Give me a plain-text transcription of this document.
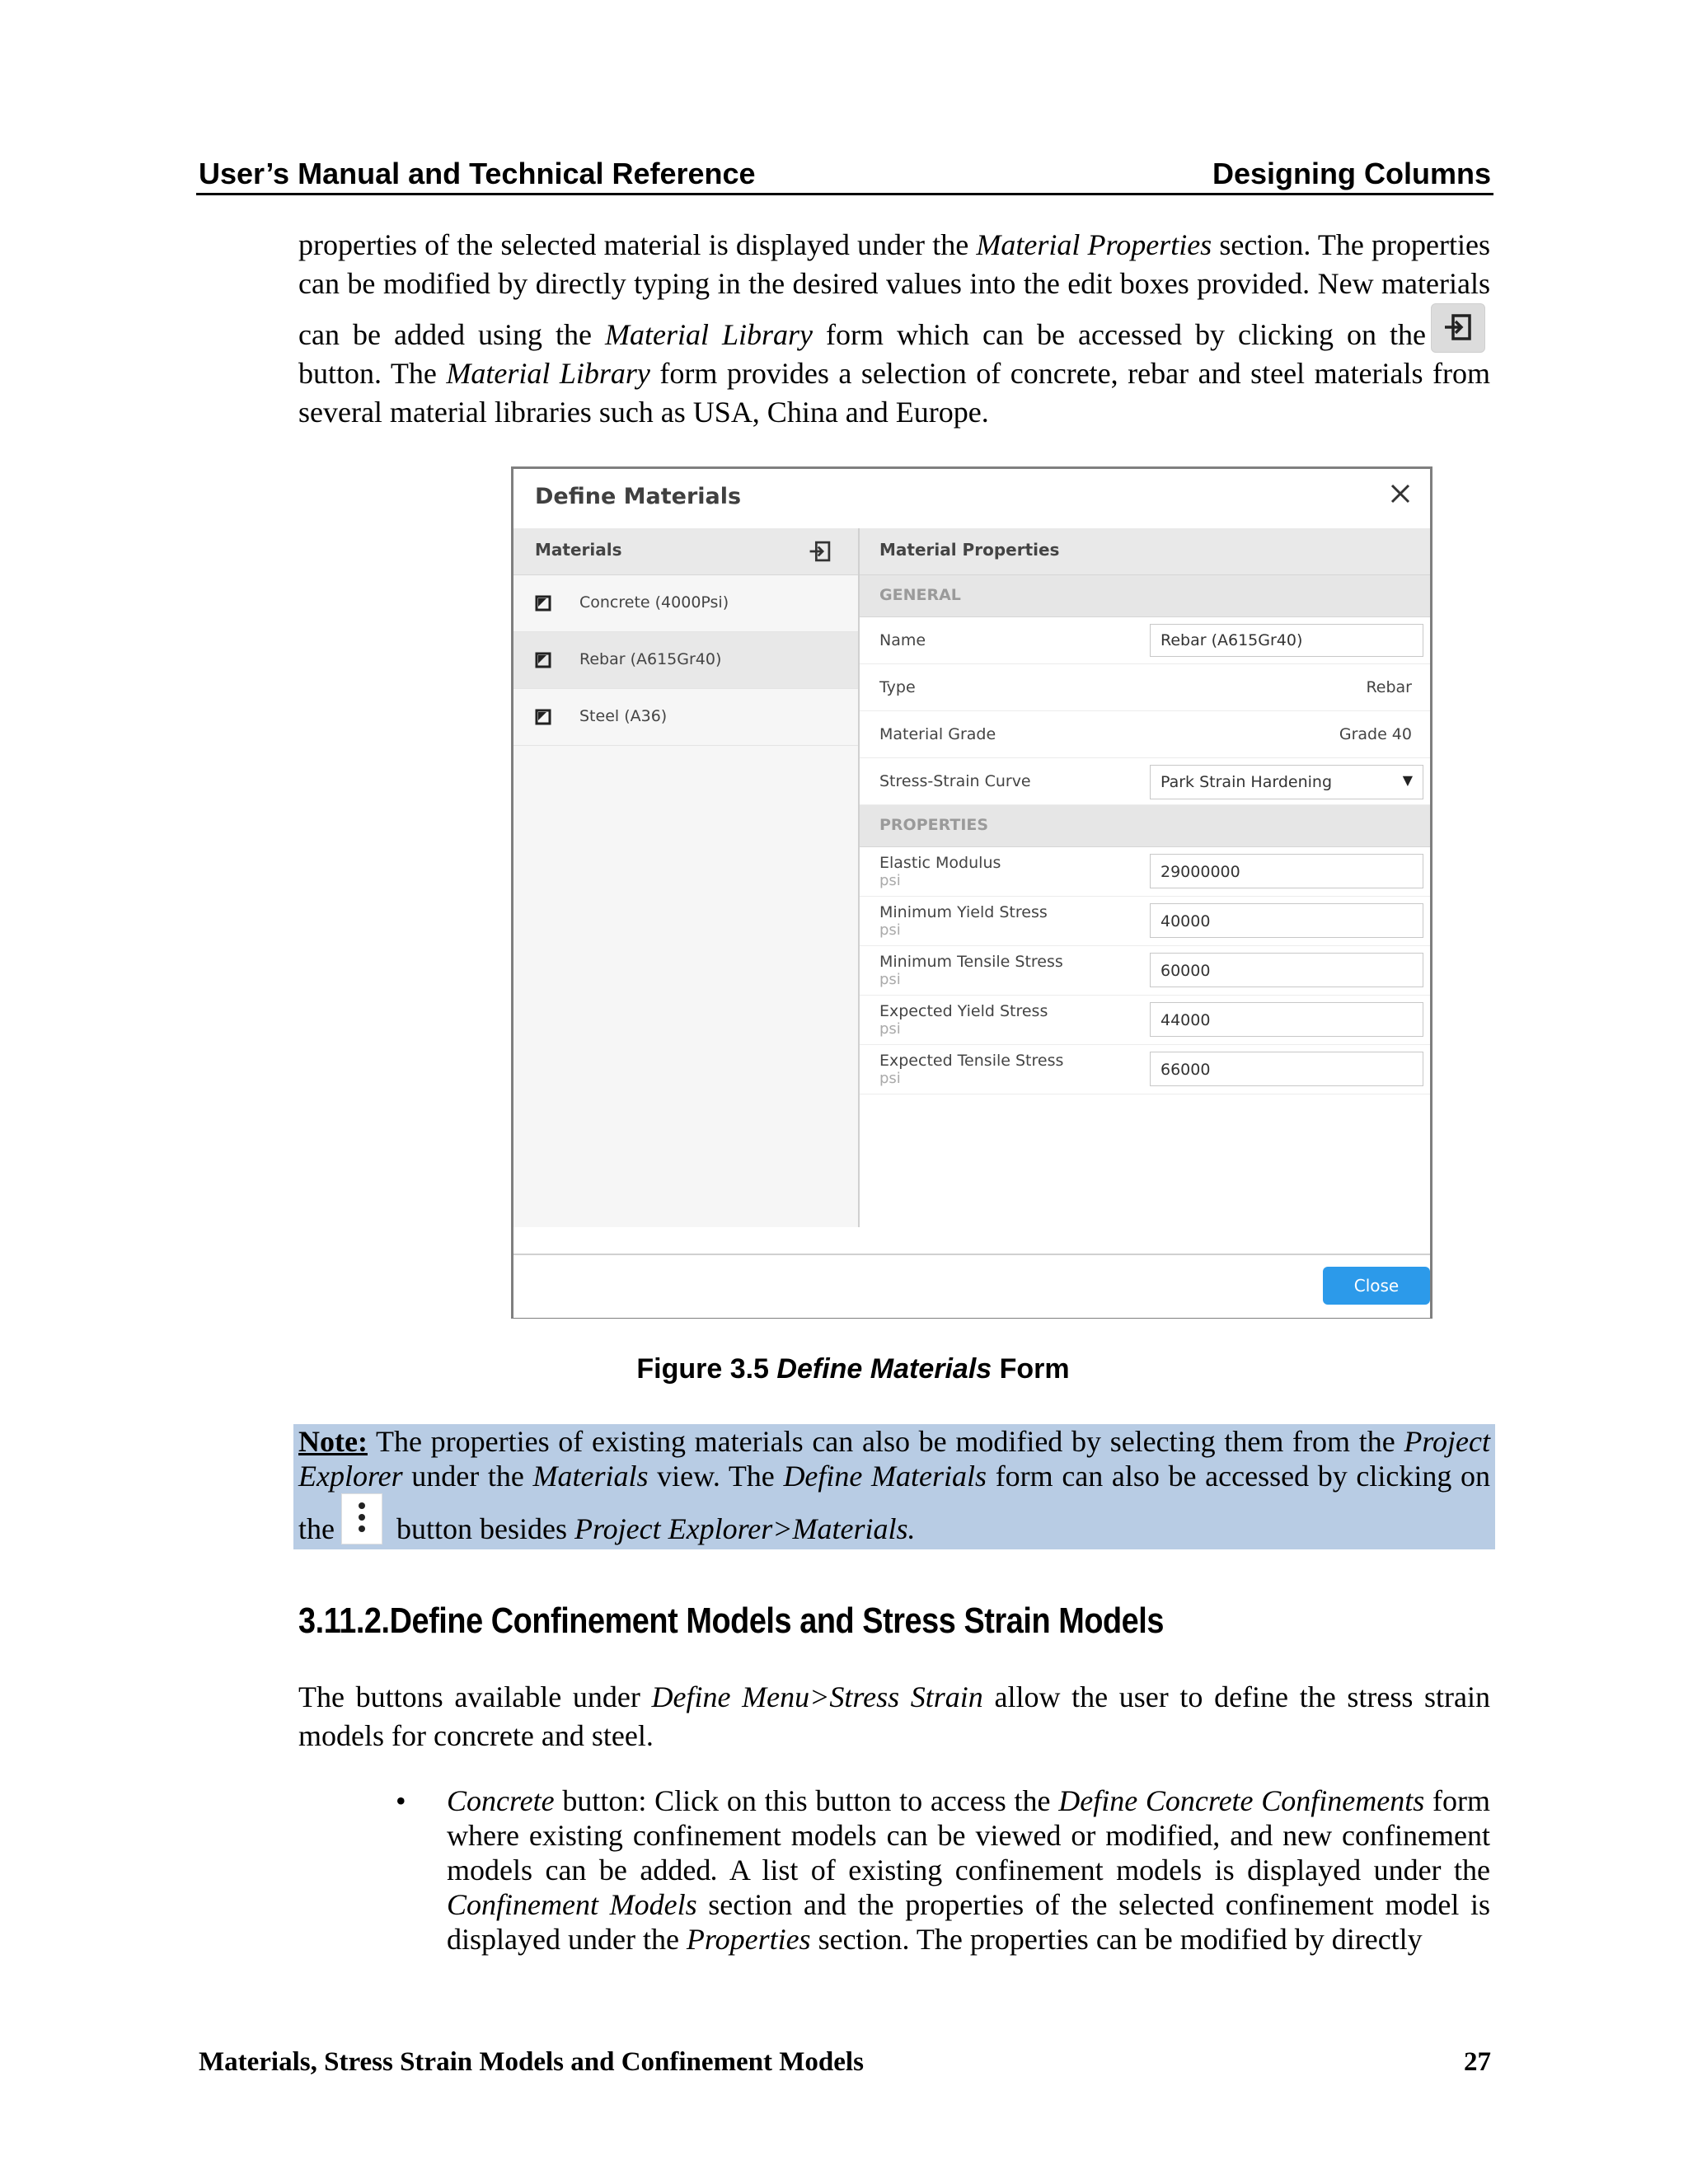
User’s Manual and Technical Reference	Designing Columns

properties of the selected material is displayed under the Material Properties section. The properties can be modified by directly typing in the desired values into the edit boxes provided. New materials can be added using the Material Library form which can be accessed by clicking on the
button. The Material Library form provides a selection of concrete, rebar and steel materials from several material libraries such as USA, China and Europe.

Define Materials
Materials
Concrete (4000Psi)
Rebar (A615Gr40)
Steel (A36)
Material Properties
GENERAL
Name	Rebar (A615Gr40)
Type	Rebar
Material Grade	Grade 40
Stress-Strain Curve	Park Strain Hardening	▼
PROPERTIES
Elastic Modulus
psi	29000000
Minimum Yield Stress
psi	40000
Minimum Tensile Stress
psi	60000
Expected Yield Stress
psi	44000
Expected Tensile Stress
psi	66000
Close
Figure 3.5 Define Materials Form
Note: The properties of existing materials can also be modified by selecting them from the Project Explorer under the Materials view. The Define Materials form can also be accessed by clicking on the button besides Project Explorer>Materials.
3.11.2.Define Confinement Models and Stress Strain Models

The buttons available under Define Menu>Stress Strain allow the user to define the stress strain models for concrete and steel.

• Concrete button: Click on this button to access the Define Concrete Confinements form where existing confinement models can be viewed or modified, and new confinement models can be added. A list of existing confinement models is displayed under the Confinement Models section and the properties of the selected confinement model is displayed under the Properties section. The properties can be modified by directly
Materials, Stress Strain Models and Confinement Models	27
